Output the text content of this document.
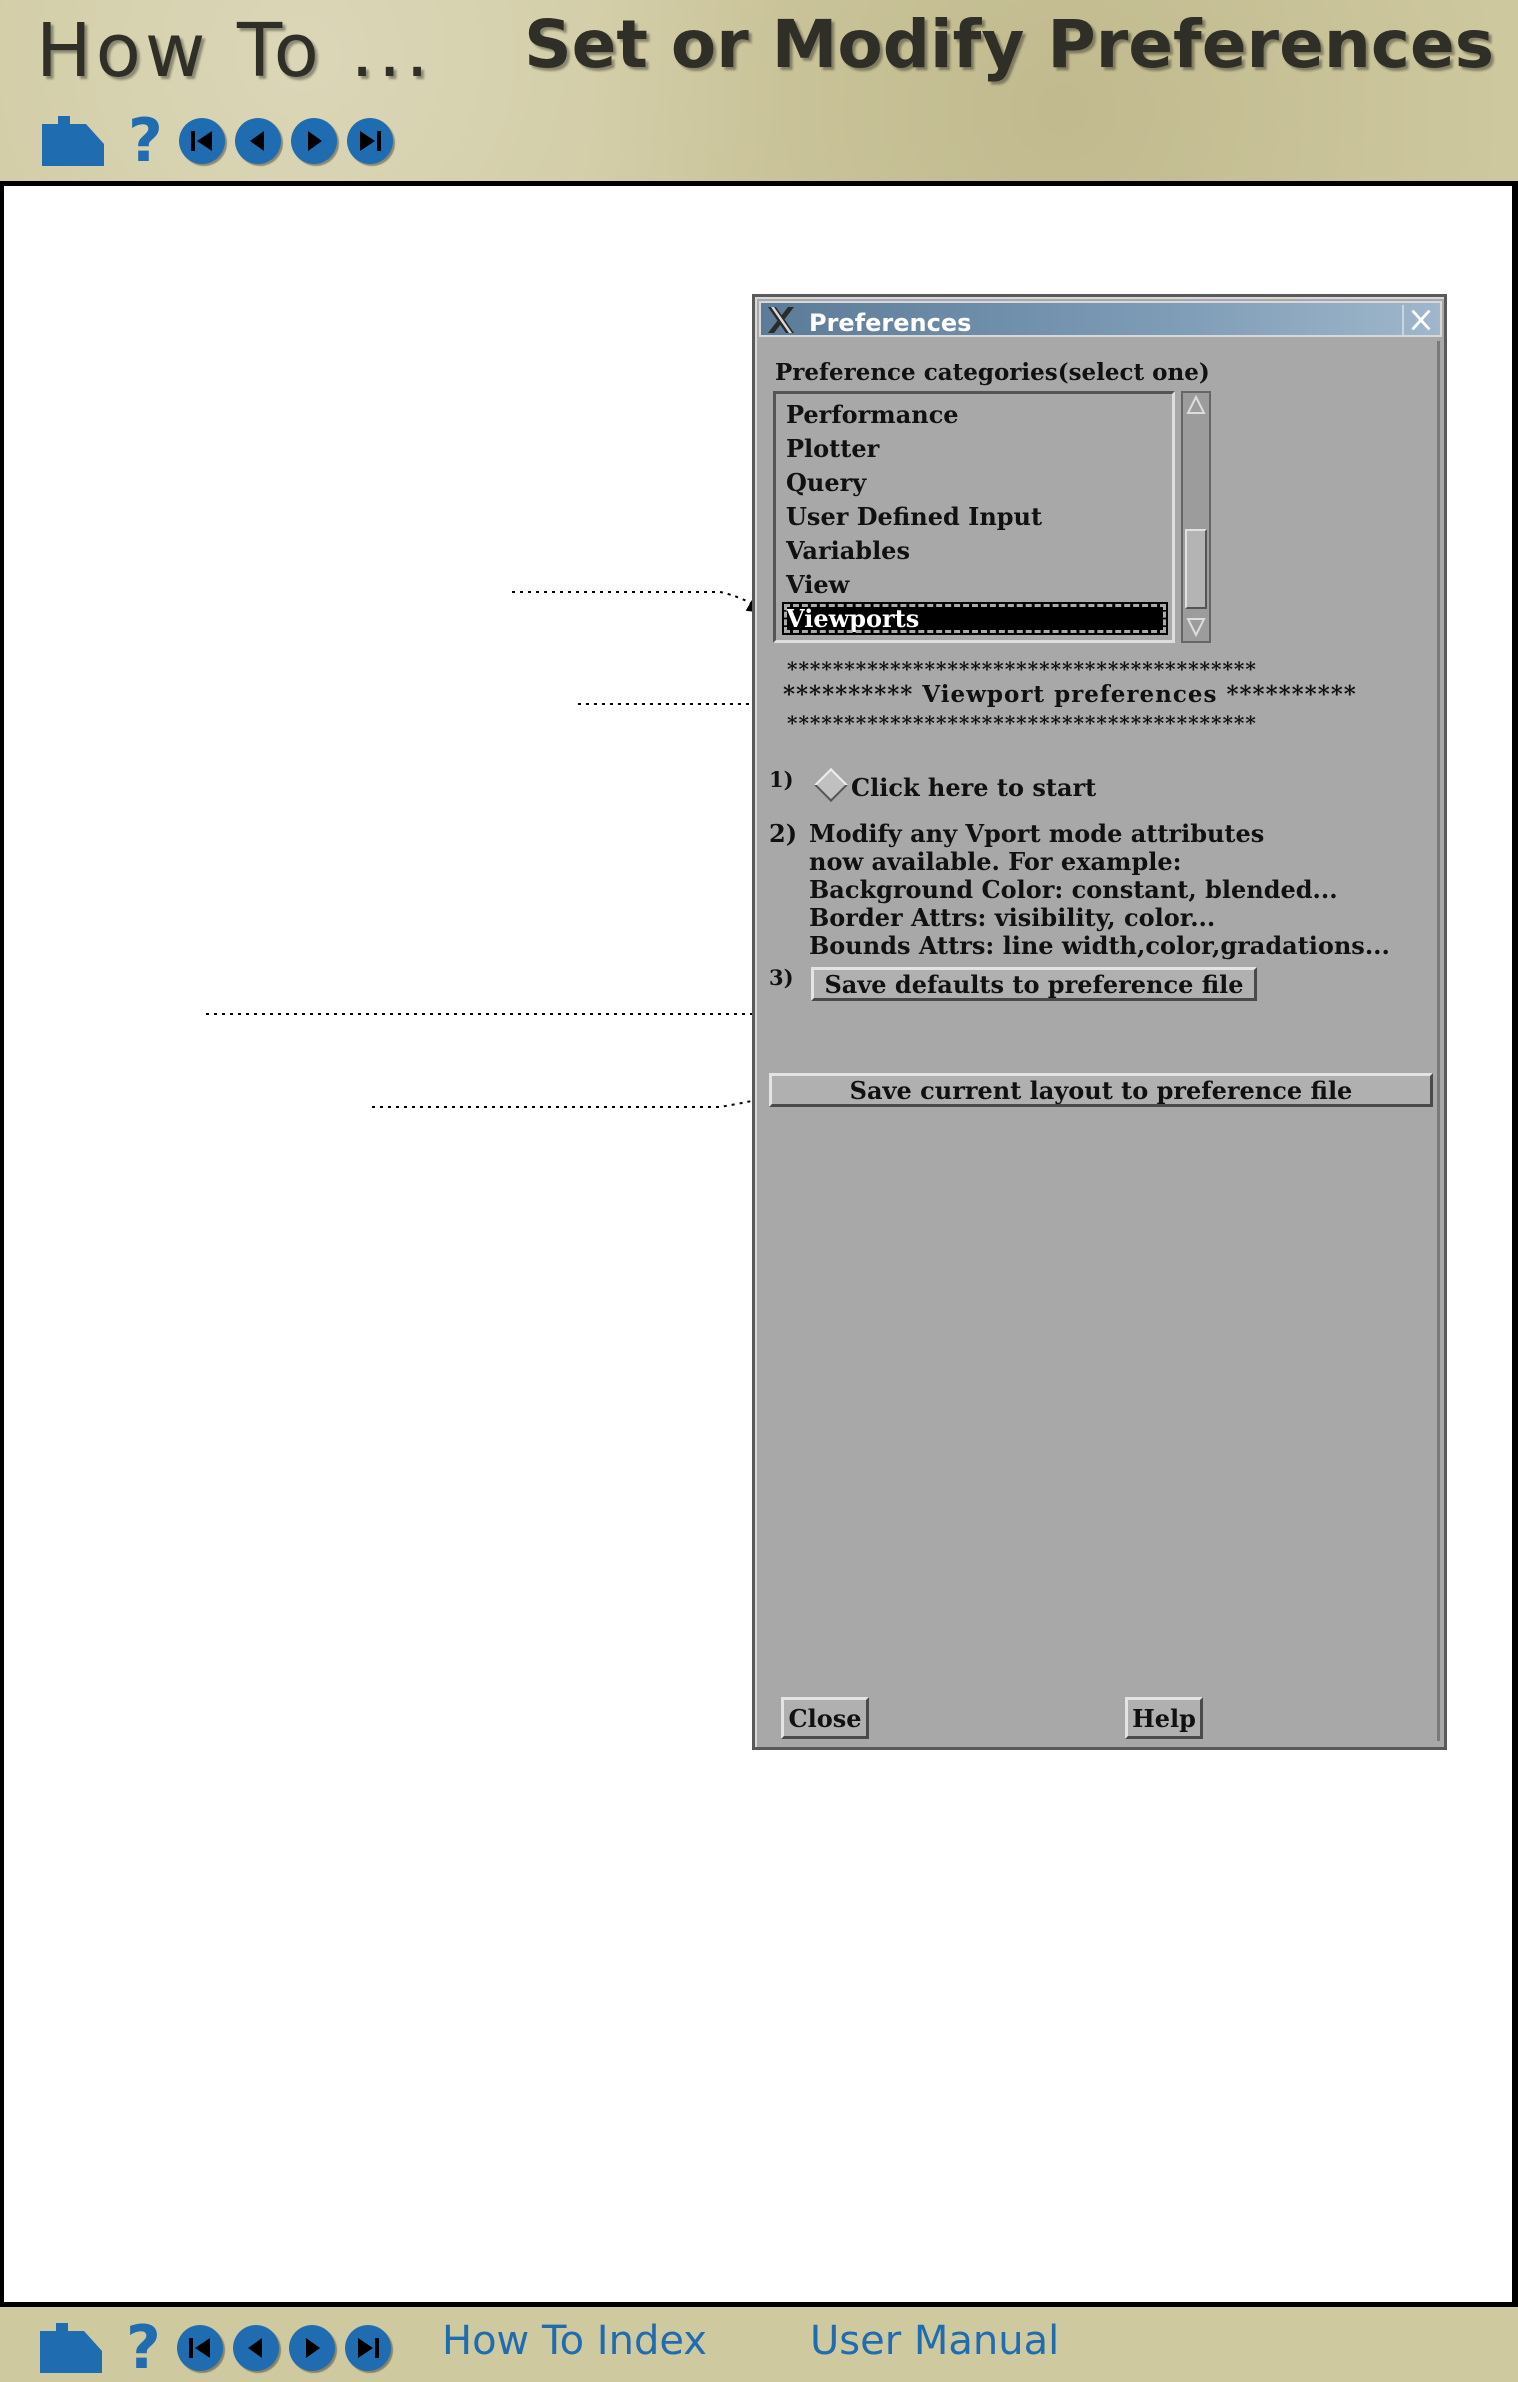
How To ... Set or Modify Preferences
?
Preferences
Preference categories(select one)
Performance
Plotter
Query
User Defined Input
Variables
View
Viewports
*****************************************
********** Viewport preferences **********
*****************************************
1) Click here to start
2) Modify any Vport mode attributes
now available. For example:
Background Color: constant, blended...
Border Attrs: visibility, color...
Bounds Attrs: line width,color,gradations...
3)	Save defaults to preference file
Save current layout to preference file
Close	Help
?	How To Index	User Manual
